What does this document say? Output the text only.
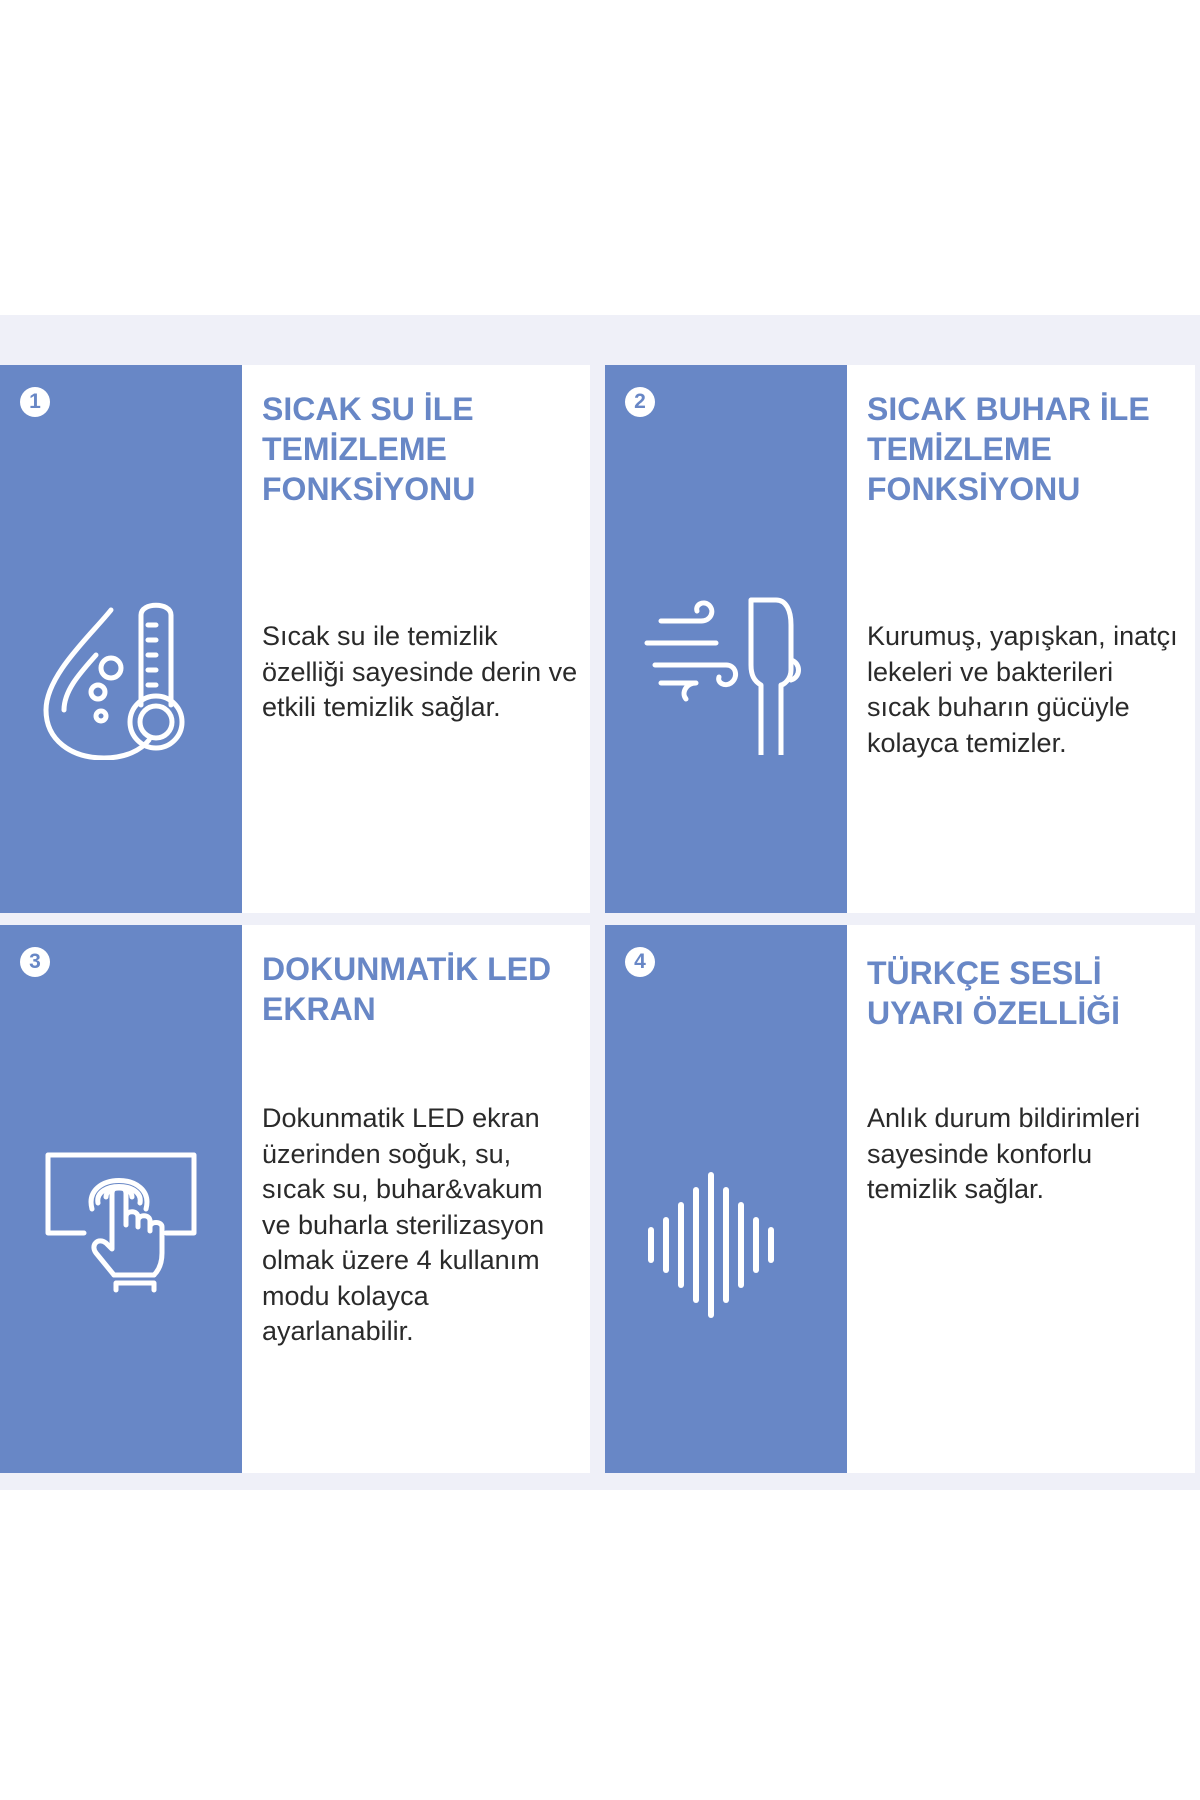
1	SICAK SU İLE TEMİZLEME FONKSİYONU
Sıcak su ile temizlik özelliği sayesinde derin ve etkili temizlik sağlar.
2	SICAK BUHAR İLE TEMİZLEME FONKSİYONU
Kurumuş, yapışkan, inatçı lekeleri ve bakterileri sıcak buharın gücüyle kolayca temizler.
3	DOKUNMATİK LED EKRAN
Dokunmatik LED ekran üzerinden soğuk, su, sıcak su, buhar&vakum ve buharla sterilizasyon olmak üzere 4 kullanım modu kolayca ayarlanabilir.
4	TÜRKÇE SESLİ UYARI ÖZELLİĞİ
Anlık durum bildirimleri sayesinde konforlu temizlik sağlar.
